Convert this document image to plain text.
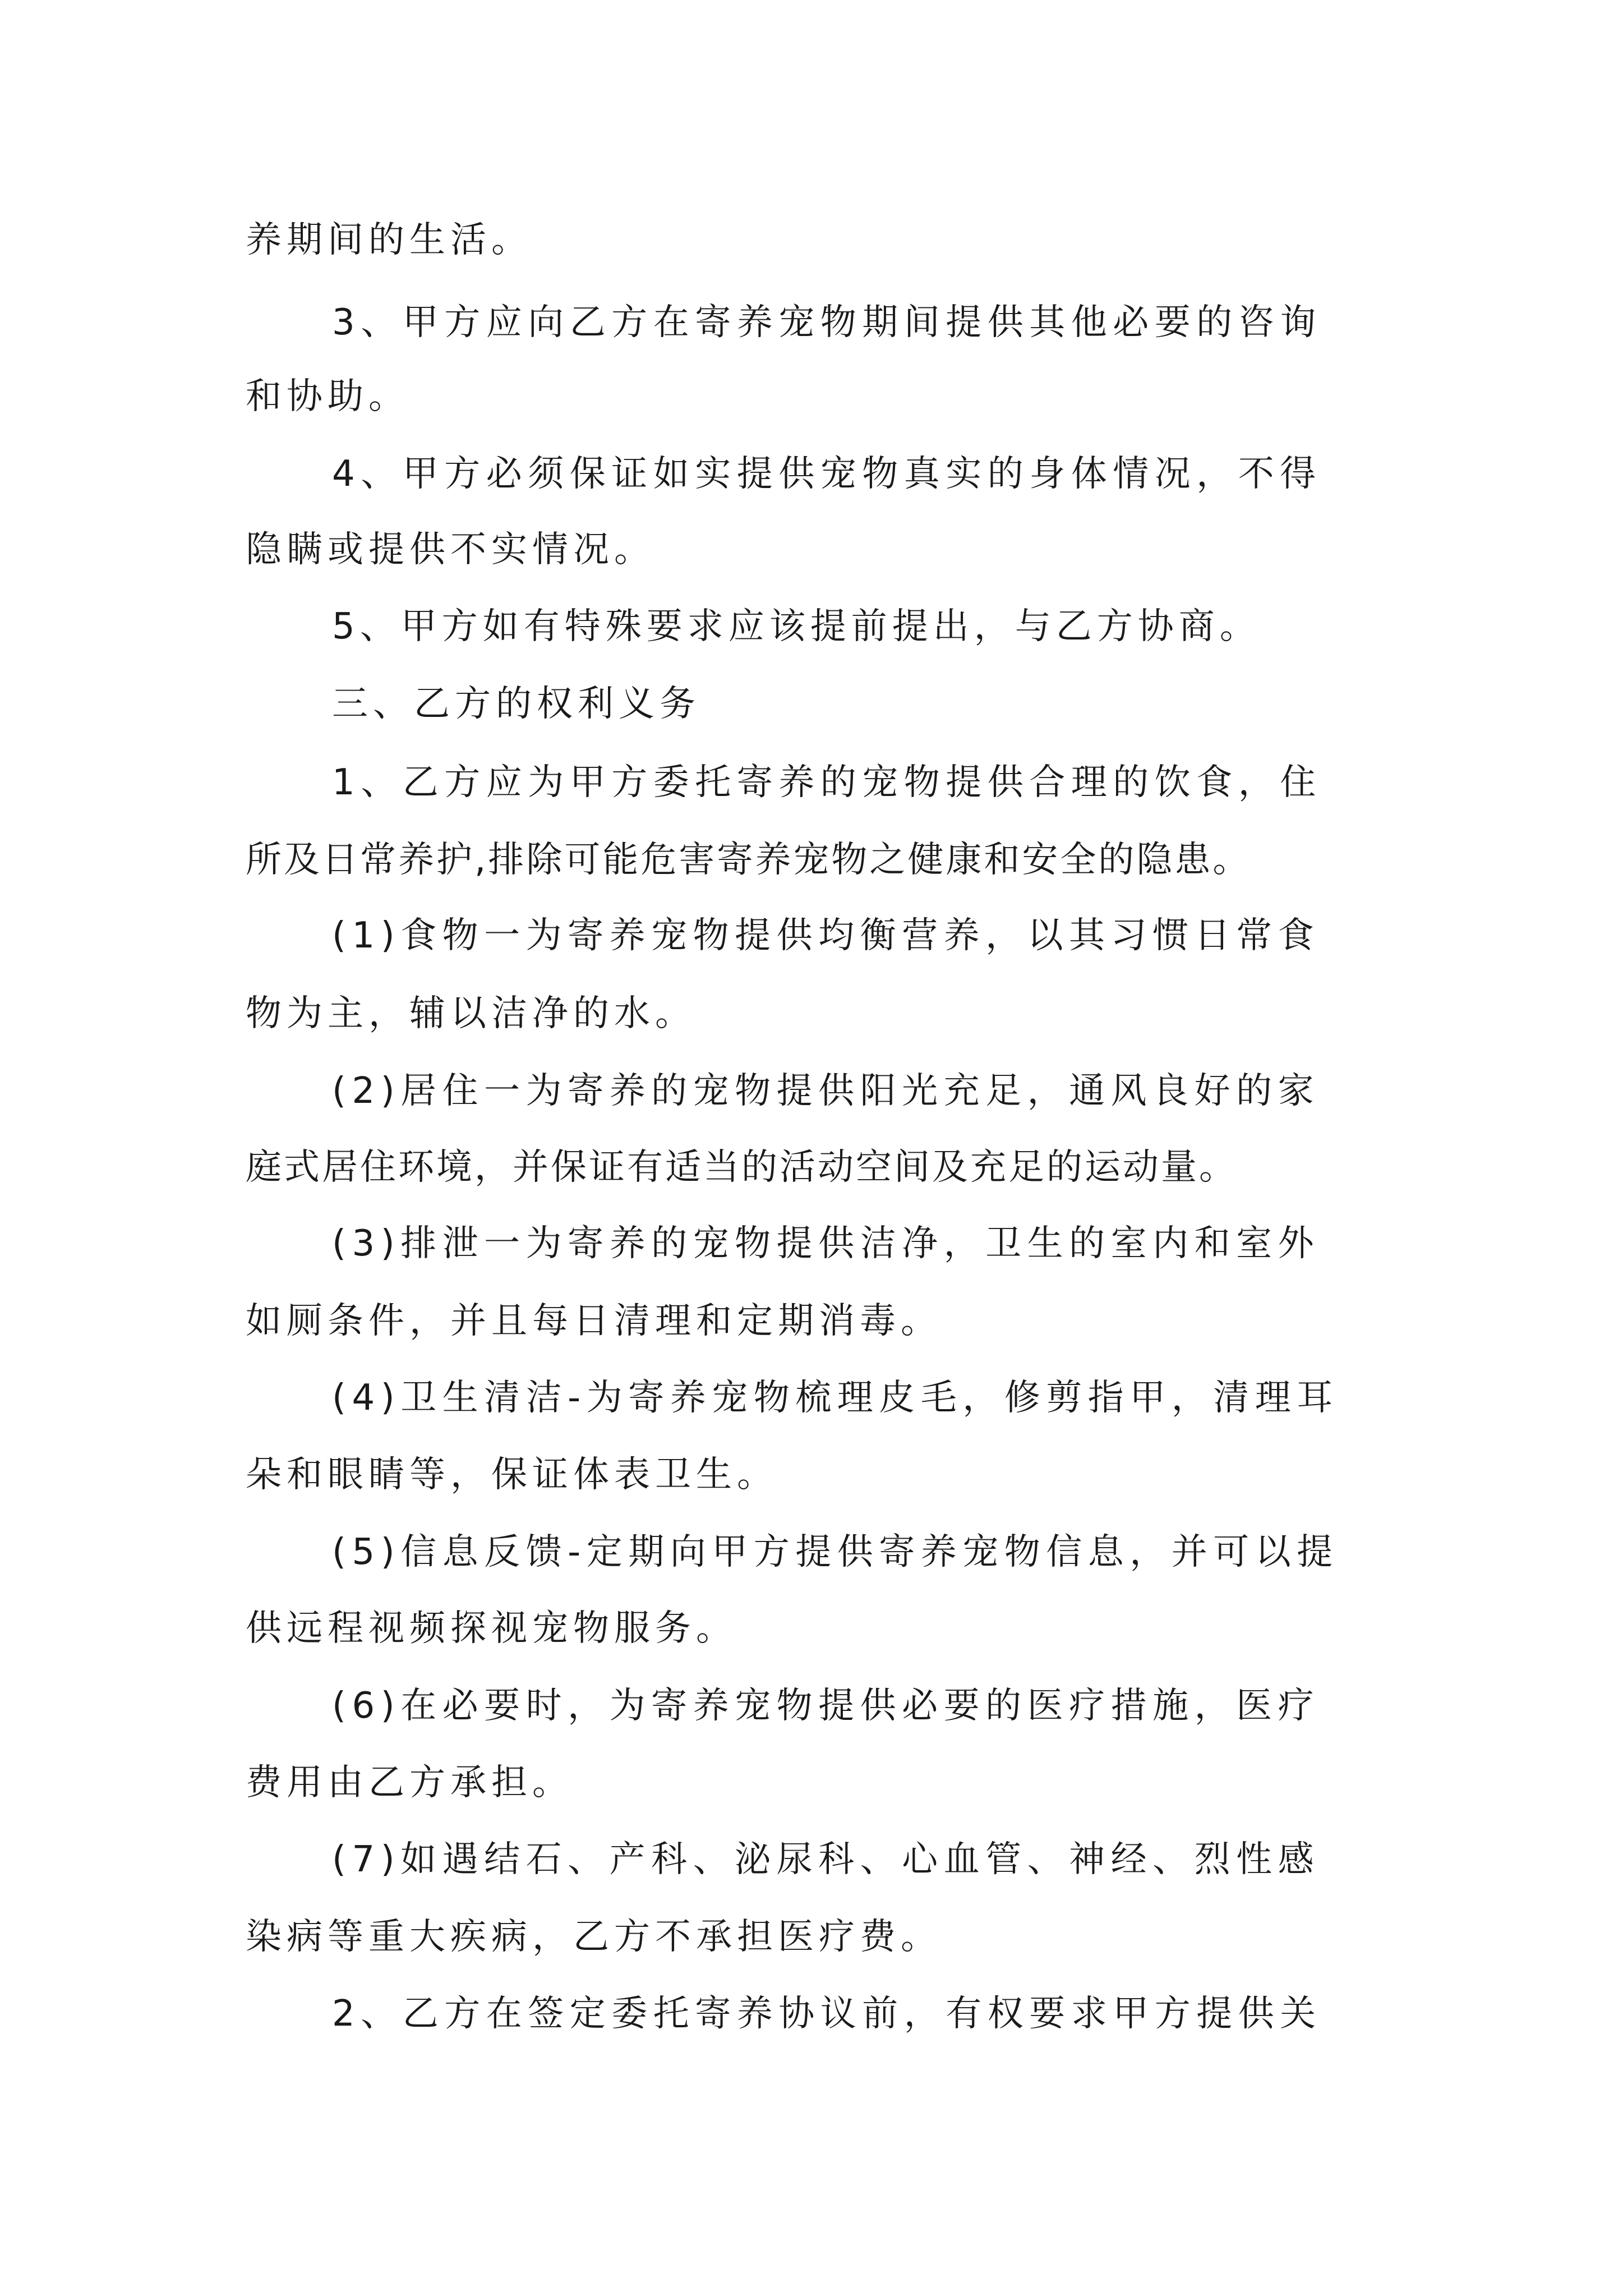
养期间的生活。
3、甲方应向乙方在寄养宠物期间提供其他必要的咨询
和协助。
4、甲方必须保证如实提供宠物真实的身体情况，不得
隐瞒或提供不实情况。
5、甲方如有特殊要求应该提前提出，与乙方协商。
三、乙方的权利义务
1、乙方应为甲方委托寄养的宠物提供合理的饮食，住
所及日常养护,排除可能危害寄养宠物之健康和安全的隐患。
(1)食物一为寄养宠物提供均衡营养，以其习惯日常食
物为主，辅以洁净的水。
(2)居住一为寄养的宠物提供阳光充足，通风良好的家
庭式居住环境，并保证有适当的活动空间及充足的运动量。
(3)排泄一为寄养的宠物提供洁净，卫生的室内和室外
如厕条件，并且每日清理和定期消毒。
(4)卫生清洁-为寄养宠物梳理皮毛，修剪指甲，清理耳
朵和眼睛等，保证体表卫生。
(5)信息反馈-定期向甲方提供寄养宠物信息，并可以提
供远程视频探视宠物服务。
(6)在必要时，为寄养宠物提供必要的医疗措施，医疗
费用由乙方承担。
(7)如遇结石、产科、泌尿科、心血管、神经、烈性感
染病等重大疾病，乙方不承担医疗费。
2、乙方在签定委托寄养协议前，有权要求甲方提供关
